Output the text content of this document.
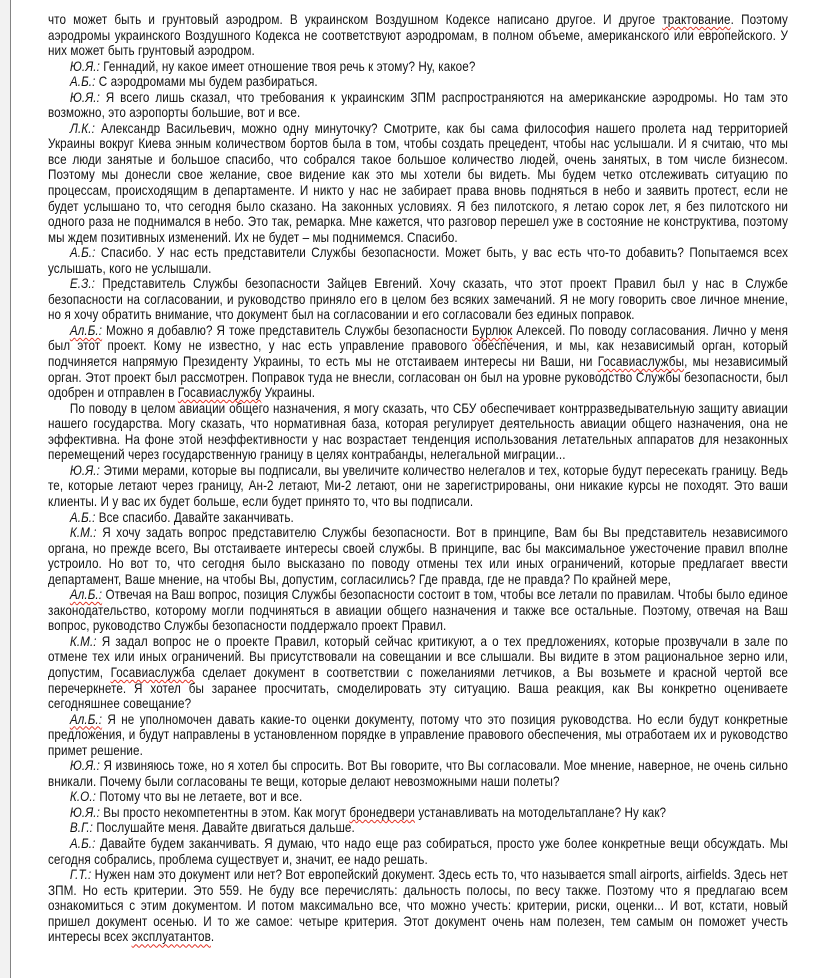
что может быть и грунтовый аэродром. В украинском Воздушном Кодексе написано другое. И другое трактование. Поэтому аэродромы украинского Воздушного Кодекса не соответствуют аэродромам, в полном объеме, американского или европейского. У них может быть грунтовый аэродром.

Ю.Я.: Геннадий, ну какое имеет отношение твоя речь к этому? Ну, какое?

А.Б.: С аэродромами мы будем разбираться.

Ю.Я.: Я всего лишь сказал, что требования к украинским ЗПМ распространяются на американские аэродромы. Но там это возможно, это аэропорты большие, вот и все.

Л.К.: Александр Васильевич, можно одну минуточку? Смотрите, как бы сама философия нашего пролета над территорией Украины вокруг Киева энным количеством бортов была в том, чтобы создать прецедент, чтобы нас услышали. И я считаю, что мы все люди занятые и большое спасибо, что собрался такое большое количество людей, очень занятых, в том числе бизнесом. Поэтому мы донесли свое желание, свое видение как это мы хотели бы видеть. Мы будем четко отслеживать ситуацию по процессам, происходящим в департаменте. И никто у нас не забирает права вновь подняться в небо и заявить протест, если не будет услышано то, что сегодня было сказано. На законных условиях. Я без пилотского, я летаю сорок лет, я без пилотского ни одного раза не поднимался в небо. Это так, ремарка. Мне кажется, что разговор перешел уже в состояние не конструктива, поэтому мы ждем позитивных изменений. Их не будет – мы поднимемся. Спасибо.

А.Б.: Спасибо. У нас есть представители Службы безопасности. Может быть, у вас есть что-то добавить? Попытаемся всех услышать, кого не услышали.

Е.З.: Представитель Службы безопасности Зайцев Евгений. Хочу сказать, что этот проект Правил был у нас в Службе безопасности на согласовании, и руководство приняло его в целом без всяких замечаний. Я не могу говорить свое личное мнение, но я хочу обратить внимание, что документ был на согласовании и его согласовали без единых поправок.

Ал.Б.: Можно я добавлю? Я тоже представитель Службы безопасности Бурлюк Алексей. По поводу согласования. Лично у меня был этот проект. Кому не известно, у нас есть управление правового обеспечения, и мы, как независимый орган, который подчиняется напрямую Президенту Украины, то есть мы не отстаиваем интересы ни Ваши, ни Госавиаслужбы, мы независимый орган. Этот проект был рассмотрен. Поправок туда не внесли, согласован он был на уровне руководство Службы безопасности, был одобрен и отправлен в Госавиаслужбу Украины.

По поводу в целом авиации общего назначения, я могу сказать, что СБУ обеспечивает контрразведывательную защиту авиации нашего государства. Могу сказать, что нормативная база, которая регулирует деятельность авиации общего назначения, она не эффективна. На фоне этой неэффективности у нас возрастает тенденция использования летательных аппаратов для незаконных перемещений через государственную границу в целях контрабанды, нелегальной миграции...

Ю.Я.: Этими мерами, которые вы подписали, вы увеличите количество нелегалов и тех, которые будут пересекать границу. Ведь те, которые летают через границу, Ан-2 летают, Ми-2 летают, они не зарегистрированы, они никакие курсы не походят. Это ваши клиенты. И у вас их будет больше, если будет принято то, что вы подписали.

А.Б.: Все спасибо. Давайте заканчивать.

К.М.: Я хочу задать вопрос представителю Службы безопасности. Вот в принципе, Вам бы Вы представитель независимого органа, но прежде всего, Вы отстаиваете интересы своей службы. В принципе, вас бы максимальное ужесточение правил вполне устроило. Но вот то, что сегодня было высказано по поводу отмены тех или иных ограничений, которые предлагает ввести департамент, Ваше мнение, на чтобы Вы, допустим, согласились? Где правда, где не правда? По крайней мере,

Ал.Б.: Отвечая на Ваш вопрос, позиция Службы безопасности состоит в том, чтобы все летали по правилам. Чтобы было единое законодательство, которому могли подчиняться в авиации общего назначения и также все остальные. Поэтому, отвечая на Ваш вопрос, руководство Службы безопасности поддержало проект Правил.

К.М.: Я задал вопрос не о проекте Правил, который сейчас критикуют, а о тех предложениях, которые прозвучали в зале по отмене тех или иных ограничений. Вы присутствовали на совещании и все слышали. Вы видите в этом рациональное зерно или, допустим, Госавиаслужба сделает документ в соответствии с пожеланиями летчиков, а Вы возьмете и красной чертой все перечеркнете. Я хотел бы заранее просчитать, смоделировать эту ситуацию. Ваша реакция, как Вы конкретно оцениваете сегодняшнее совещание?

Ал.Б.: Я не уполномочен давать какие-то оценки документу, потому что это позиция руководства. Но если будут конкретные предложения, и будут направлены в установленном порядке в управление правового обеспечения, мы отработаем их и руководство примет решение.

Ю.Я.: Я извиняюсь тоже, но я хотел бы спросить. Вот Вы говорите, что Вы согласовали. Мое мнение, наверное, не очень сильно вникали. Почему были согласованы те вещи, которые делают невозможными наши полеты?

К.О.: Потому что вы не летаете, вот и все.

Ю.Я.: Вы просто некомпетентны в этом. Как могут бронедвери устанавливать на мотодельтаплане? Ну как?

В.Г.: Послушайте меня. Давайте двигаться дальше.

А.Б.: Давайте будем заканчивать. Я думаю, что надо еще раз собираться, просто уже более конкретные вещи обсуждать. Мы сегодня собрались, проблема существует и, значит, ее надо решать.

Г.Т.: Нужен нам это документ или нет? Вот европейский документ. Здесь есть то, что называется small airports, airfields. Здесь нет ЗПМ. Но есть критерии. Это 559. Не буду все перечислять: дальность полосы, по весу также. Поэтому что я предлагаю всем ознакомиться с этим документом. И потом максимально все, что можно учесть: критерии, риски, оценки... И вот, кстати, новый пришел документ осенью. И то же самое: четыре критерия. Этот документ очень нам полезен, тем самым он поможет учесть интересы всех эксплуатантов.
